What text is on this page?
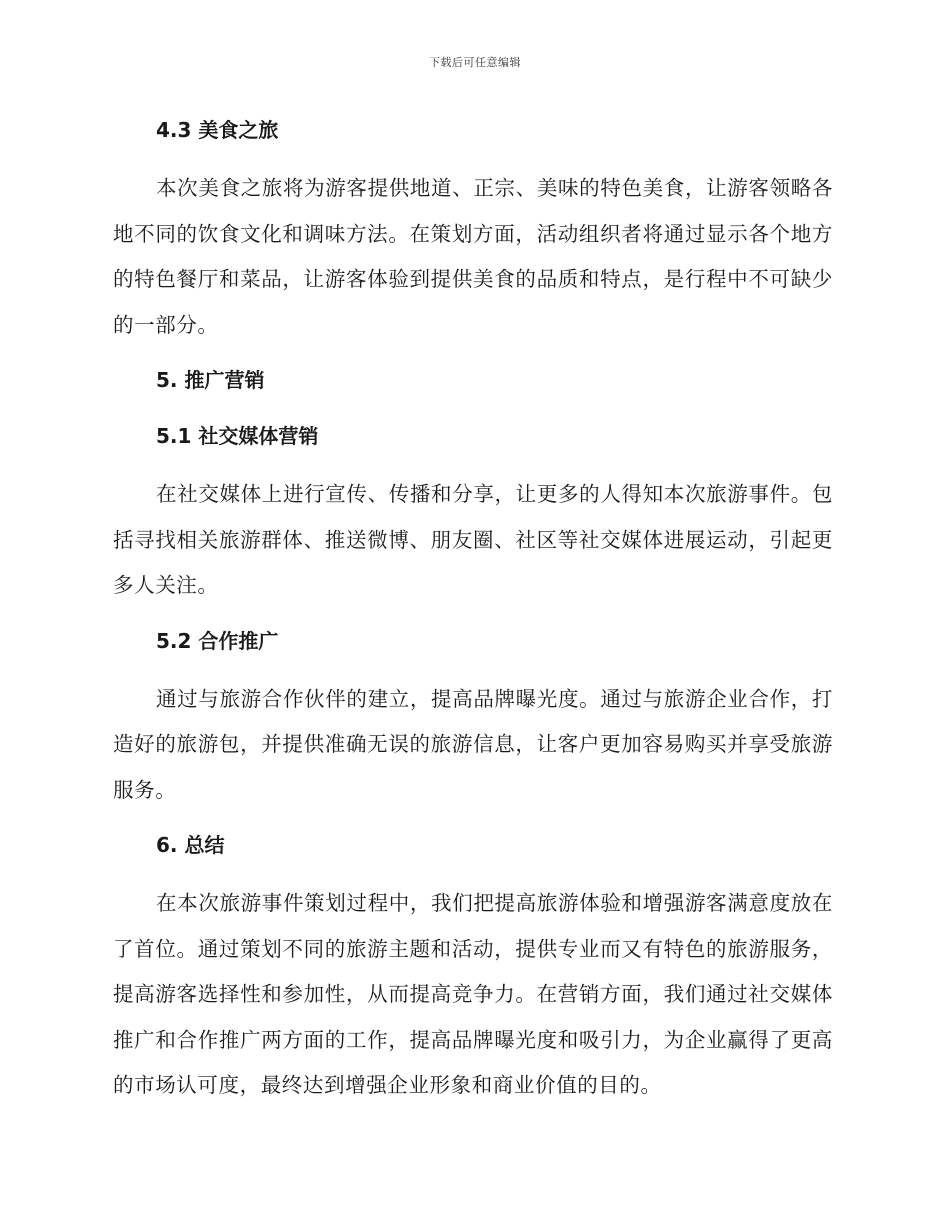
下载后可任意编辑
4.3 美食之旅

本次美食之旅将为游客提供地道、正宗、美味的特色美食，让游客领略各地不同的饮食文化和调味方法。在策划方面，活动组织者将通过显示各个地方的特色餐厅和菜品，让游客体验到提供美食的品质和特点，是行程中不可缺少的一部分。

5. 推广营销
5.1 社交媒体营销

在社交媒体上进行宣传、传播和分享，让更多的人得知本次旅游事件。包括寻找相关旅游群体、推送微博、朋友圈、社区等社交媒体进展运动，引起更多人关注。

5.2 合作推广

通过与旅游合作伙伴的建立，提高品牌曝光度。通过与旅游企业合作，打造好的旅游包，并提供准确无误的旅游信息，让客户更加容易购买并享受旅游服务。

6. 总结

在本次旅游事件策划过程中，我们把提高旅游体验和增强游客满意度放在了首位。通过策划不同的旅游主题和活动，提供专业而又有特色的旅游服务，提高游客选择性和参加性，从而提高竞争力。在营销方面，我们通过社交媒体推广和合作推广两方面的工作，提高品牌曝光度和吸引力，为企业赢得了更高的市场认可度，最终达到增强企业形象和商业价值的目的。
